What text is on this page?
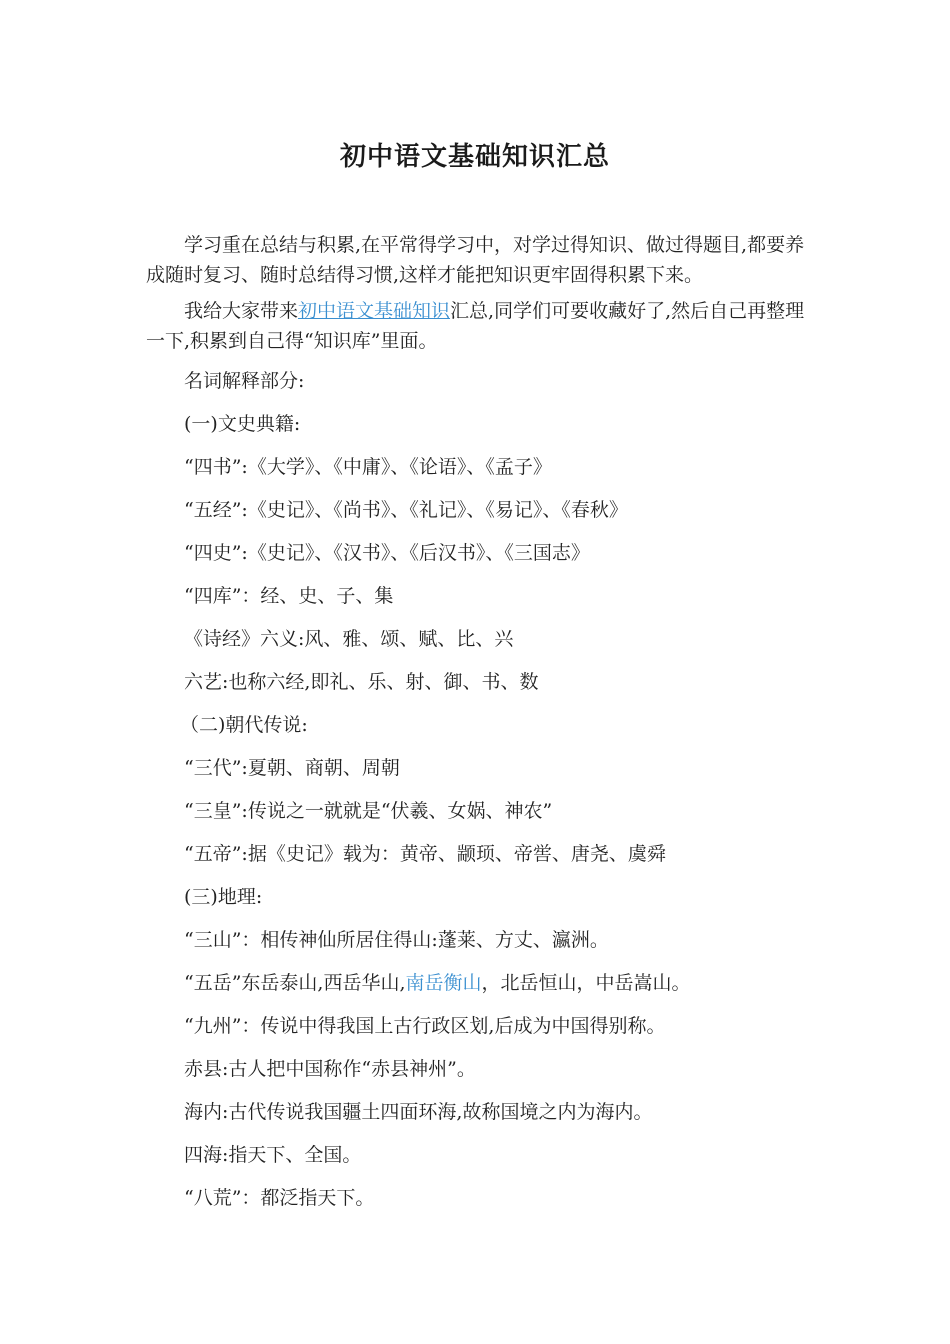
初中语文基础知识汇总
学习重在总结与积累,在平常得学习中，对学过得知识、做过得题目,都要养成随时复习、随时总结得习惯,这样才能把知识更牢固得积累下来。
我给大家带来初中语文基础知识汇总,同学们可要收藏好了,然后自己再整理一下,积累到自己得“知识库”里面。
名词解释部分:
(一)文史典籍:
“四书”:《大学》、《中庸》、《论语》、《孟子》
“五经”:《史记》、《尚书》、《礼记》、《易记》、《春秋》
“四史”:《史记》、《汉书》、《后汉书》、《三国志》
“四库”：经、史、子、集
《诗经》六义:风、雅、颂、赋、比、兴
六艺:也称六经,即礼、乐、射、御、书、数
（二)朝代传说:
“三代”:夏朝、商朝、周朝
“三皇”:传说之一就就是“伏羲、女娲、神农”
“五帝”:据《史记》载为：黄帝、颛顼、帝喾、唐尧、虞舜
(三)地理:
“三山”：相传神仙所居住得山:蓬莱、方丈、瀛洲。
“五岳”东岳泰山,西岳华山,南岳衡山，北岳恒山，中岳嵩山。
“九州”：传说中得我国上古行政区划,后成为中国得别称。
赤县:古人把中国称作“赤县神州”。
海内:古代传说我国疆土四面环海,故称国境之内为海内。
四海:指天下、全国。
“八荒”：都泛指天下。
